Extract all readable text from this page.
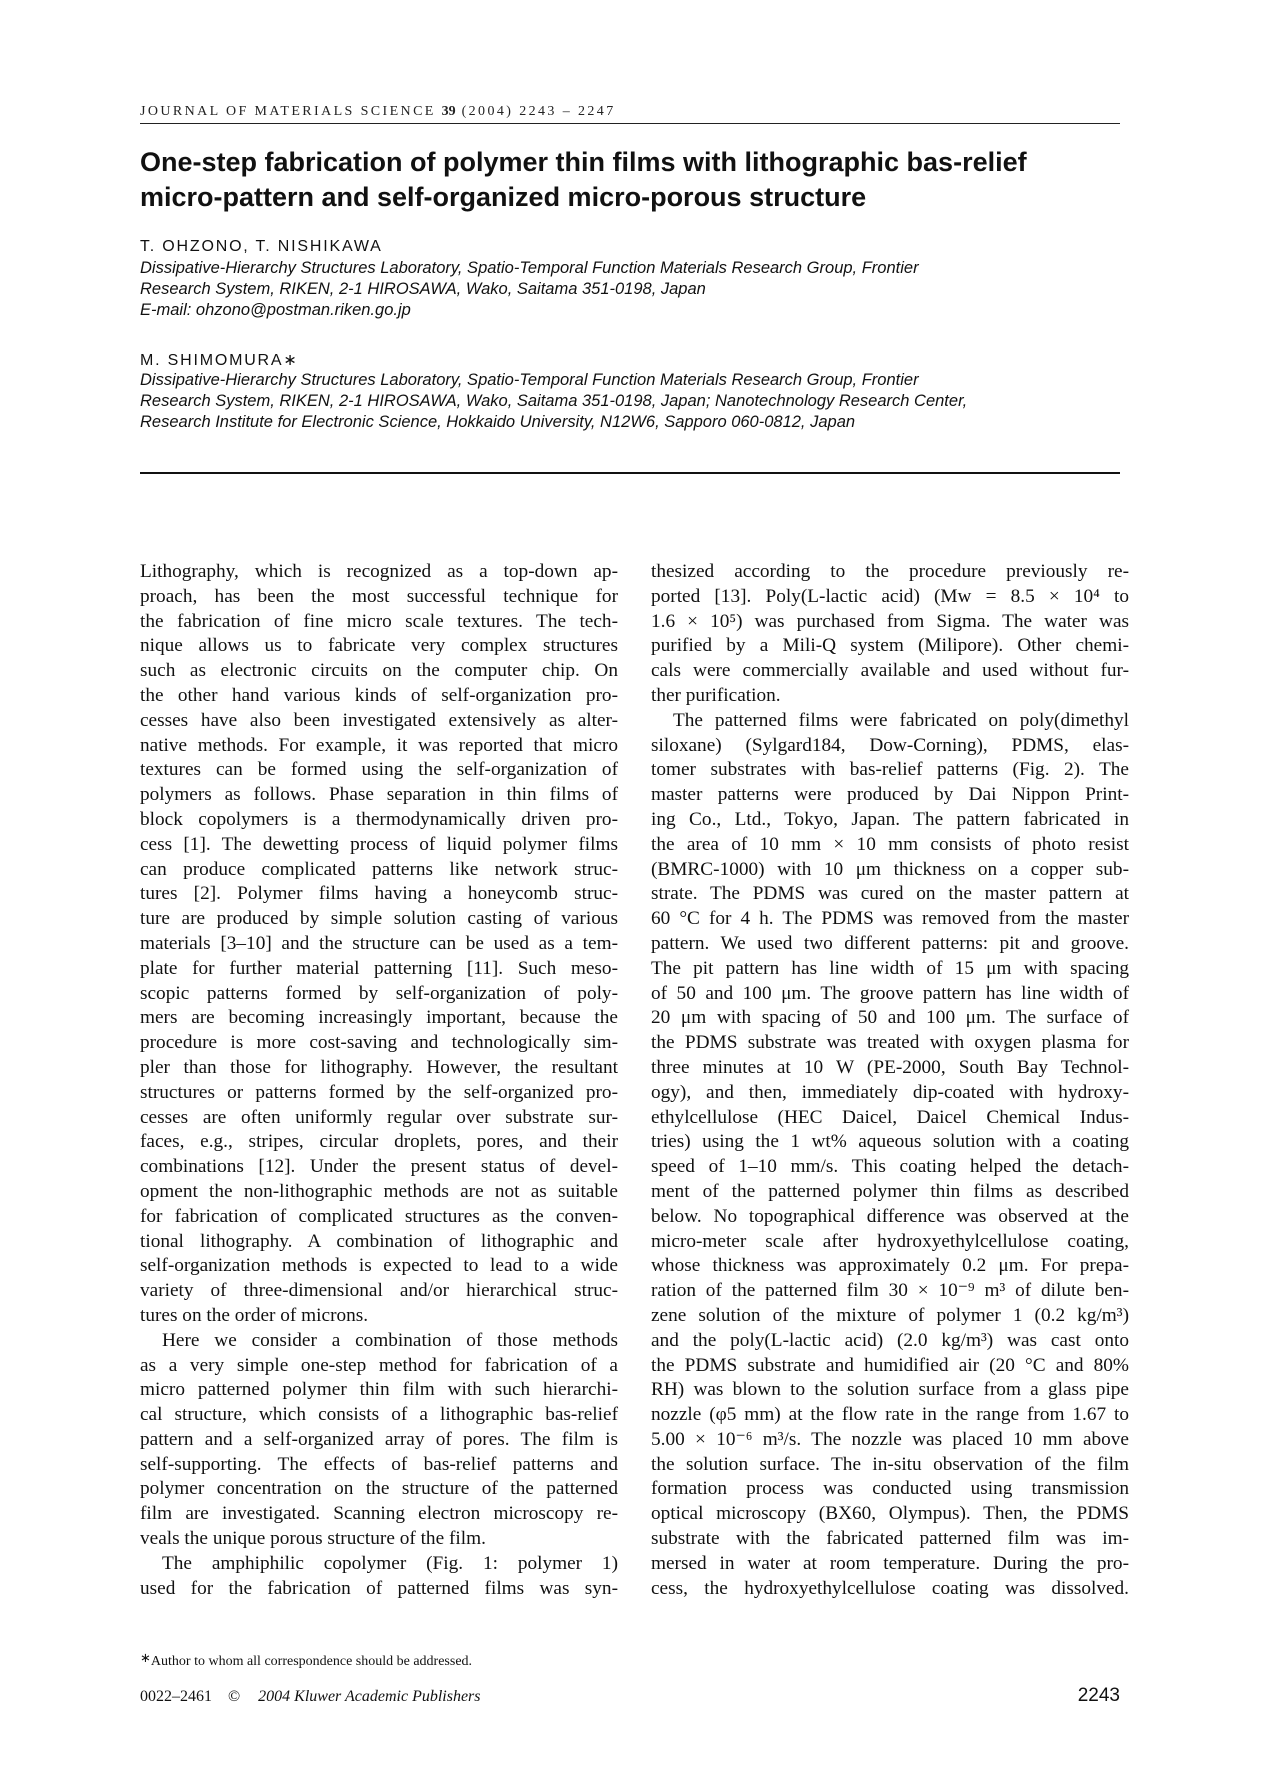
JOURNAL OF MATERIALS SCIENCE 39 (2004) 2243 – 2247
One-step fabrication of polymer thin films with lithographic bas-relief
micro-pattern and self-organized micro-porous structure
T. OHZONO, T. NISHIKAWA
Dissipative-Hierarchy Structures Laboratory, Spatio-Temporal Function Materials Research Group, Frontier
Research System, RIKEN, 2-1 HIROSAWA, Wako, Saitama 351-0198, Japan
E-mail: ohzono@postman.riken.go.jp
M. SHIMOMURA∗
Dissipative-Hierarchy Structures Laboratory, Spatio-Temporal Function Materials Research Group, Frontier
Research System, RIKEN, 2-1 HIROSAWA, Wako, Saitama 351-0198, Japan; Nanotechnology Research Center,
Research Institute for Electronic Science, Hokkaido University, N12W6, Sapporo 060-0812, Japan
Lithography, which is recognized as a top-down ap-
proach, has been the most successful technique for
the fabrication of fine micro scale textures. The tech-
nique allows us to fabricate very complex structures
such as electronic circuits on the computer chip. On
the other hand various kinds of self-organization pro-
cesses have also been investigated extensively as alter-
native methods. For example, it was reported that micro
textures can be formed using the self-organization of
polymers as follows. Phase separation in thin films of
block copolymers is a thermodynamically driven pro-
cess [1]. The dewetting process of liquid polymer films
can produce complicated patterns like network struc-
tures [2]. Polymer films having a honeycomb struc-
ture are produced by simple solution casting of various
materials [3–10] and the structure can be used as a tem-
plate for further material patterning [11]. Such meso-
scopic patterns formed by self-organization of poly-
mers are becoming increasingly important, because the
procedure is more cost-saving and technologically sim-
pler than those for lithography. However, the resultant
structures or patterns formed by the self-organized pro-
cesses are often uniformly regular over substrate sur-
faces, e.g., stripes, circular droplets, pores, and their
combinations [12]. Under the present status of devel-
opment the non-lithographic methods are not as suitable
for fabrication of complicated structures as the conven-
tional lithography. A combination of lithographic and
self-organization methods is expected to lead to a wide
variety of three-dimensional and/or hierarchical struc-
tures on the order of microns.
Here we consider a combination of those methods
as a very simple one-step method for fabrication of a
micro patterned polymer thin film with such hierarchi-
cal structure, which consists of a lithographic bas-relief
pattern and a self-organized array of pores. The film is
self-supporting. The effects of bas-relief patterns and
polymer concentration on the structure of the patterned
film are investigated. Scanning electron microscopy re-
veals the unique porous structure of the film.
The amphiphilic copolymer (Fig. 1: polymer 1)
used for the fabrication of patterned films was syn-
thesized according to the procedure previously re-
ported [13]. Poly(L-lactic acid) (Mw = 8.5 × 10⁴ to
1.6 × 10⁵) was purchased from Sigma. The water was
purified by a Mili-Q system (Milipore). Other chemi-
cals were commercially available and used without fur-
ther purification.
The patterned films were fabricated on poly(dimethyl
siloxane) (Sylgard184, Dow-Corning), PDMS, elas-
tomer substrates with bas-relief patterns (Fig. 2). The
master patterns were produced by Dai Nippon Print-
ing Co., Ltd., Tokyo, Japan. The pattern fabricated in
the area of 10 mm × 10 mm consists of photo resist
(BMRC-1000) with 10 μm thickness on a copper sub-
strate. The PDMS was cured on the master pattern at
60 °C for 4 h. The PDMS was removed from the master
pattern. We used two different patterns: pit and groove.
The pit pattern has line width of 15 μm with spacing
of 50 and 100 μm. The groove pattern has line width of
20 μm with spacing of 50 and 100 μm. The surface of
the PDMS substrate was treated with oxygen plasma for
three minutes at 10 W (PE-2000, South Bay Technol-
ogy), and then, immediately dip-coated with hydroxy-
ethylcellulose (HEC Daicel, Daicel Chemical Indus-
tries) using the 1 wt% aqueous solution with a coating
speed of 1–10 mm/s. This coating helped the detach-
ment of the patterned polymer thin films as described
below. No topographical difference was observed at the
micro-meter scale after hydroxyethylcellulose coating,
whose thickness was approximately 0.2 μm. For prepa-
ration of the patterned film 30 × 10⁻⁹ m³ of dilute ben-
zene solution of the mixture of polymer 1 (0.2 kg/m³)
and the poly(L-lactic acid) (2.0 kg/m³) was cast onto
the PDMS substrate and humidified air (20 °C and 80%
RH) was blown to the solution surface from a glass pipe
nozzle (φ5 mm) at the flow rate in the range from 1.67 to
5.00 × 10⁻⁶ m³/s. The nozzle was placed 10 mm above
the solution surface. The in-situ observation of the film
formation process was conducted using transmission
optical microscopy (BX60, Olympus). Then, the PDMS
substrate with the fabricated patterned film was im-
mersed in water at room temperature. During the pro-
cess, the hydroxyethylcellulose coating was dissolved.
∗Author to whom all correspondence should be addressed.
0022–2461 © 2004 Kluwer Academic Publishers	2243
